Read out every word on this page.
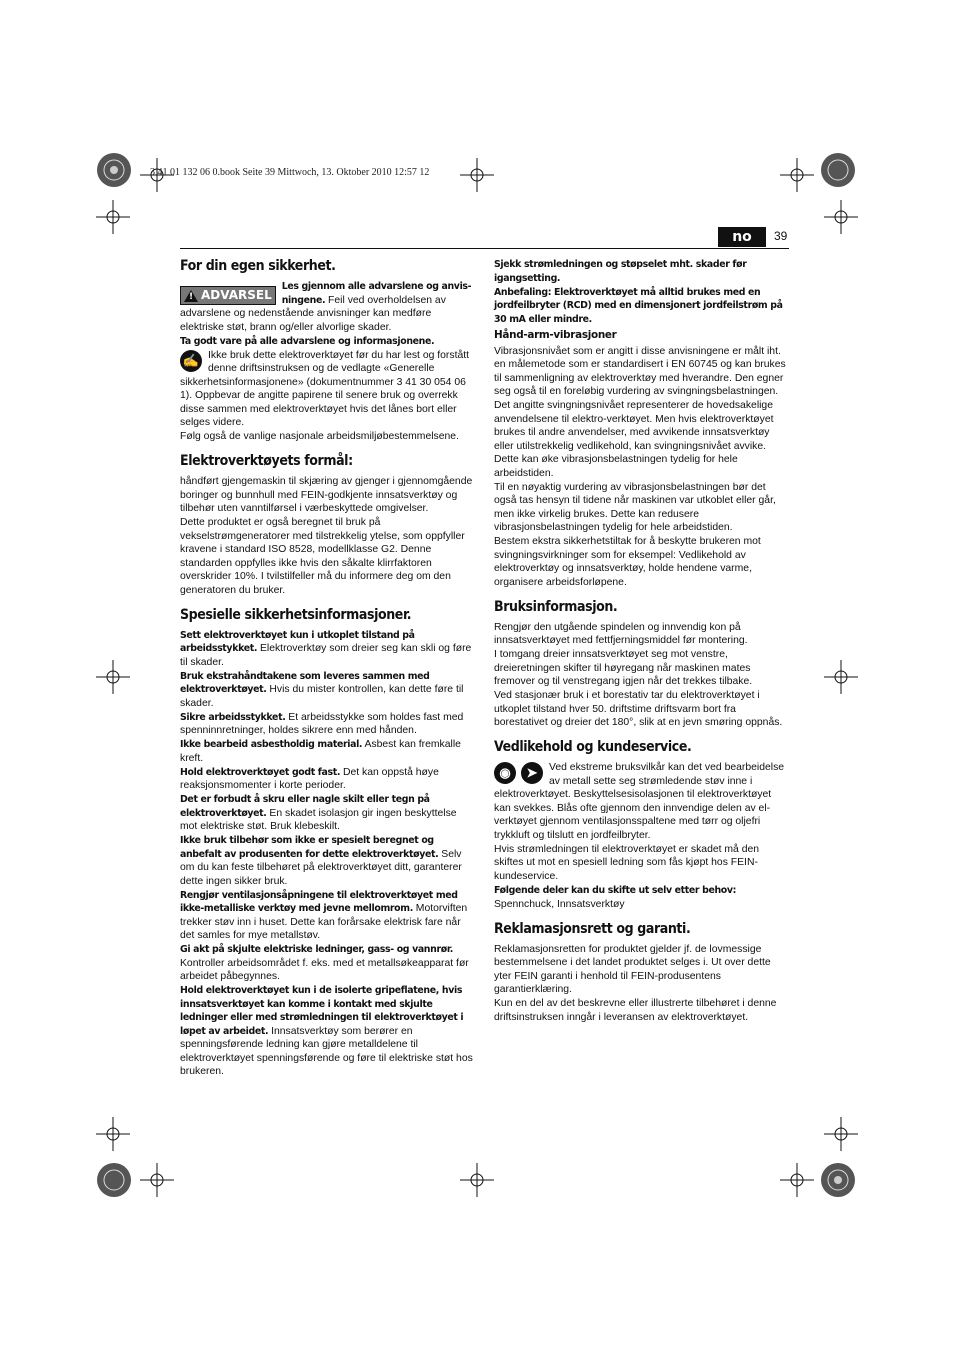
3 41 01 132 06 0.book Seite 39 Mittwoch, 13. Oktober 2010 12:57 12
no	39
For din egen sikkerhet.
!
ADVARSEL

Les gjennom alle advarslene og anvis-ningene. Feil ved overholdelsen av advarslene og nedenstående anvisninger kan medføre elektriske støt, brann og/eller alvorlige skader.

Ta godt vare på alle advarslene og informasjonene.

✍ Ikke bruk dette elektroverktøyet før du har lest og forstått denne driftsinstruksen og de vedlagte «Generelle sikkerhetsinformasjonene» (dokumentnummer 3 41 30 054 06 1). Oppbevar de angitte papirene til senere bruk og overrekk disse sammen med elektroverktøyet hvis det lånes bort eller selges videre.

Følg også de vanlige nasjonale arbeidsmiljøbestemmelsene.

Elektroverktøyets formål:

håndført gjengemaskin til skjæring av gjenger i gjennomgående boringer og bunnhull med FEIN-godkjente innsatsverktøy og tilbehør uten vanntilførsel i værbeskyttede omgivelser.

Dette produktet er også beregnet til bruk på vekselstrømgeneratorer med tilstrekkelig ytelse, som oppfyller kravene i standard ISO 8528, modellklasse G2. Denne standarden oppfylles ikke hvis den såkalte klirrfaktoren overskrider 10%. I tvilstilfeller må du informere deg om den generatoren du bruker.

Spesielle sikkerhetsinformasjoner.

Sett elektroverktøyet kun i utkoplet tilstand på arbeidsstykket. Elektroverktøy som dreier seg kan skli og føre til skader.

Bruk ekstrahåndtakene som leveres sammen med elektroverktøyet. Hvis du mister kontrollen, kan dette føre til skader.

Sikre arbeidsstykket. Et arbeidsstykke som holdes fast med spenninnretninger, holdes sikrere enn med hånden.

Ikke bearbeid asbestholdig material. Asbest kan fremkalle kreft.

Hold elektroverktøyet godt fast. Det kan oppstå høye reaksjonsmomenter i korte perioder.

Det er forbudt å skru eller nagle skilt eller tegn på elektroverktøyet. En skadet isolasjon gir ingen beskyttelse mot elektriske støt. Bruk klebeskilt.

Ikke bruk tilbehør som ikke er spesielt beregnet og anbefalt av produsenten for dette elektroverktøyet. Selv om du kan feste tilbehøret på elektroverktøyet ditt, garanterer dette ingen sikker bruk.

Rengjør ventilasjonsåpningene til elektroverktøyet med ikke-metalliske verktøy med jevne mellomrom. Motorviften trekker støv inn i huset. Dette kan forårsake elektrisk fare når det samles for mye metallstøv.

Gi akt på skjulte elektriske ledninger, gass- og vannrør. Kontroller arbeidsområdet f. eks. med et metallsøkeapparat før arbeidet påbegynnes.

Hold elektroverktøyet kun i de isolerte gripeflatene, hvis innsatsverktøyet kan komme i kontakt med skjulte ledninger eller med strømledningen til elektroverktøyet i løpet av arbeidet. Innsatsverktøy som berører en spenningsførende ledning kan gjøre metalldelene til elektroverktøyet spenningsførende og føre til elektriske støt hos brukeren.

Sjekk strømledningen og støpselet mht. skader før igangsetting.

Anbefaling: Elektroverktøyet må alltid brukes med en jordfeilbryter (RCD) med en dimensjonert jordfeilstrøm på 30 mA eller mindre.

Hånd-arm-vibrasjoner

Vibrasjonsnivået som er angitt i disse anvisningene er målt iht. en målemetode som er standardisert i EN 60745 og kan brukes til sammenligning av elektroverktøy med hverandre. Den egner seg også til en foreløbig vurdering av svingningsbelastningen.

Det angitte svingningsnivået representerer de hovedsakelige anvendelsene til elektro-verktøyet. Men hvis elektroverktøyet brukes til andre anvendelser, med avvikende innsatsverktøy eller utilstrekkelig vedlikehold, kan svingningsnivået avvike. Dette kan øke vibrasjonsbelastningen tydelig for hele arbeidstiden.

Til en nøyaktig vurdering av vibrasjonsbelastningen bør det også tas hensyn til tidene når maskinen var utkoblet eller går, men ikke virkelig brukes. Dette kan redusere vibrasjonsbelastningen tydelig for hele arbeidstiden.

Bestem ekstra sikkerhetstiltak for å beskytte brukeren mot svingningsvirkninger som for eksempel: Vedlikehold av elektroverktøy og innsatsverktøy, holde hendene varme, organisere arbeidsforløpene.

Bruksinformasjon.

Rengjør den utgående spindelen og innvendig kon på innsatsverktøyet med fettfjerningsmiddel før montering.

I tomgang dreier innsatsverktøyet seg mot venstre, dreieretningen skifter til høyregang når maskinen mates fremover og til venstregang igjen når det trekkes tilbake.

Ved stasjonær bruk i et borestativ tar du elektroverktøyet i utkoplet tilstand hver 50. driftstime driftsvarm bort fra borestativet og dreier det 180°, slik at en jevn smøring oppnås.

Vedlikehold og kundeservice.
◉	➤	Ved ekstreme bruksvilkår kan det ved bearbeidelse av metall sette seg strømledende støv inne i elektroverktøyet. Beskyttelsesisolasjonen til elektroverktøyet kan svekkes. Blås ofte gjennom den innvendige delen av el-verktøyet gjennom ventilasjonsspaltene med tørr og oljefri trykkluft og tilslutt en jordfeilbryter.

Hvis strømledningen til elektroverktøyet er skadet må den skiftes ut mot en spesiell ledning som fås kjøpt hos FEIN-kundeservice.

Følgende deler kan du skifte ut selv etter behov:

Spennchuck, Innsatsverktøy

Reklamasjonsrett og garanti.

Reklamasjonsretten for produktet gjelder jf. de lovmessige bestemmelsene i det landet produktet selges i. Ut over dette yter FEIN garanti i henhold til FEIN-produsentens garantierklæring.

Kun en del av det beskrevne eller illustrerte tilbehøret i denne driftsinstruksen inngår i leveransen av elektroverktøyet.
